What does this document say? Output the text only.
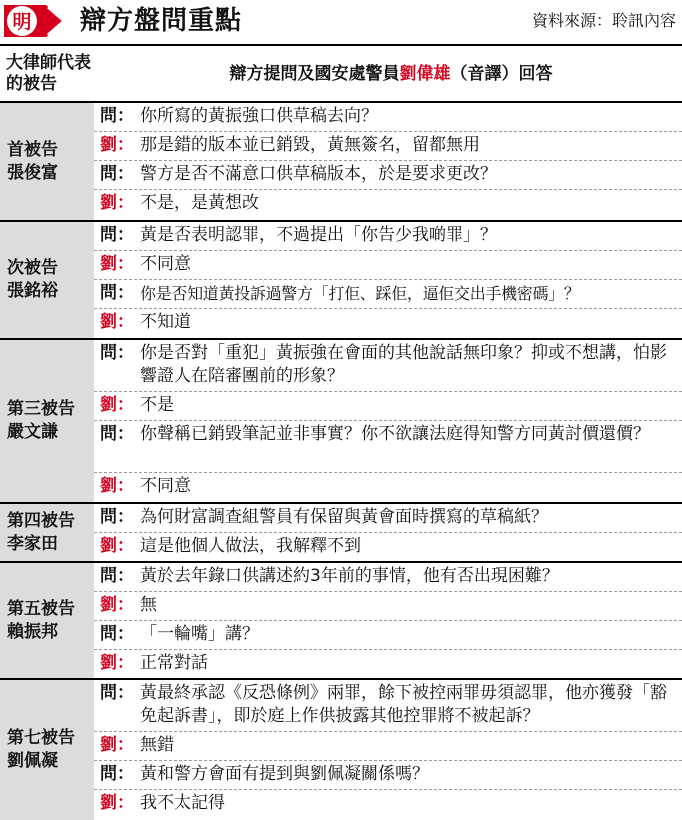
明 辯方盤問重點	資料來源：聆訊內容
大律師代表
的被告	辯方提問及國安處警員劉偉雄（音譯）回答
首被告
張俊富
問： 你所寫的黃振強口供草稿去向？
劉： 那是錯的版本並已銷毀，黃無簽名，留都無用
問： 警方是否不滿意口供草稿版本，於是要求更改？
劉： 不是，是黃想改
次被告
張銘裕
問： 黃是否表明認罪，不過提出「你告少我啲罪」？
劉： 不同意
問： 你是否知道黃投訴過警方「打佢、踩佢，逼佢交出手機密碼」？
劉： 不知道
第三被告
嚴文謙
問： 你是否對「重犯」黃振強在會面的其他說話無印象？抑或不想講，怕影響證人在陪審團前的形象？
劉： 不是
問： 你聲稱已銷毀筆記並非事實？你不欲讓法庭得知警方同黃討價還價？
劉： 不同意
第四被告
李家田
問： 為何財富調查組警員有保留與黃會面時撰寫的草稿紙？
劉： 這是他個人做法，我解釋不到
第五被告
賴振邦
問： 黃於去年錄口供講述約3年前的事情，他有否出現困難？
劉： 無
問： 「一輪嘴」講？
劉： 正常對話
第七被告
劉佩凝
問： 黃最終承認《反恐條例》兩罪，餘下被控兩罪毋須認罪，他亦獲發「豁免起訴書」，即於庭上作供披露其他控罪將不被起訴？
劉： 無錯
問： 黃和警方會面有提到與劉佩凝關係嗎？
劉： 我不太記得
